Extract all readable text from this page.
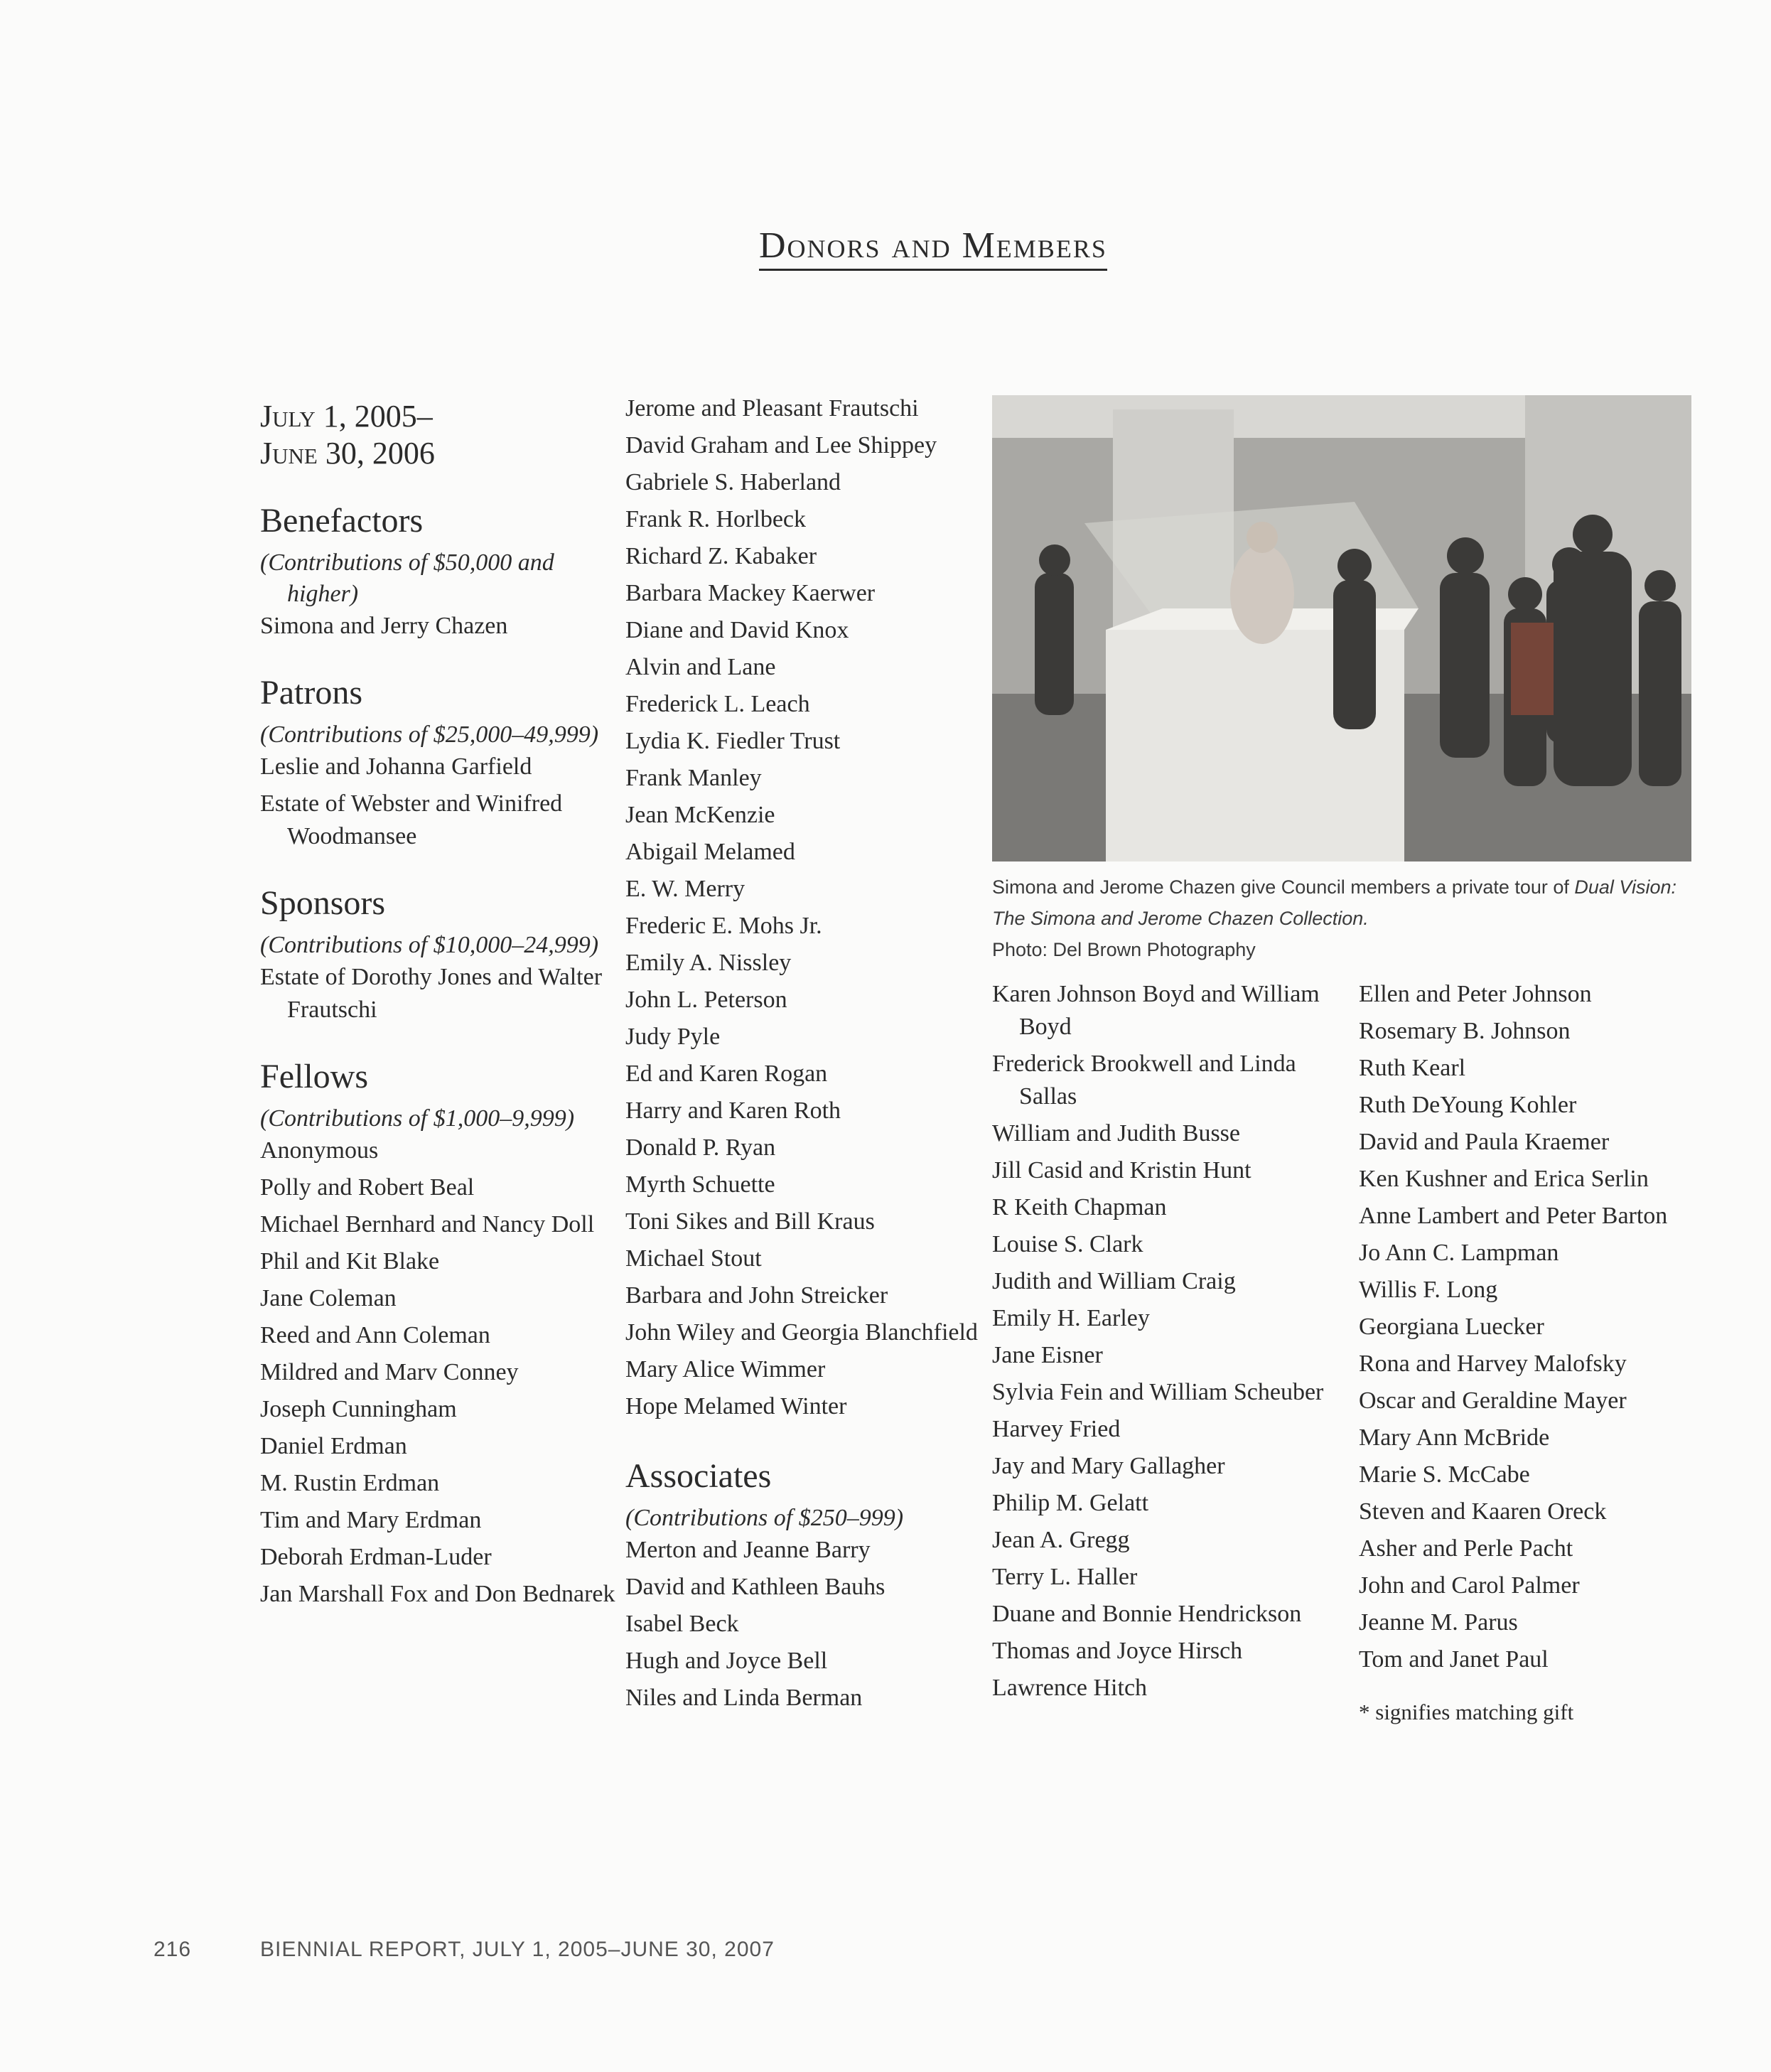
Donors and Members

July 1, 2005–

June 30, 2006

Benefactors

(Contributions of $50,000 and higher)
Simona and Jerry Chazen

Patrons

(Contributions of $25,000–49,999)
Leslie and Johanna Garfield
Estate of Webster and Winifred Woodmansee

Sponsors

(Contributions of $10,000–24,999)
Estate of Dorothy Jones and Walter Frautschi

Fellows

(Contributions of $1,000–9,999)
Anonymous
Polly and Robert Beal
Michael Bernhard and Nancy Doll
Phil and Kit Blake
Jane Coleman
Reed and Ann Coleman
Mildred and Marv Conney
Joseph Cunningham
Daniel Erdman
M. Rustin Erdman
Tim and Mary Erdman
Deborah Erdman-Luder
Jan Marshall Fox and Don Bednarek
Jerome and Pleasant Frautschi
David Graham and Lee Shippey
Gabriele S. Haberland
Frank R. Horlbeck
Richard Z. Kabaker
Barbara Mackey Kaerwer
Diane and David Knox
Alvin and Lane
Frederick L. Leach
Lydia K. Fiedler Trust
Frank Manley
Jean McKenzie
Abigail Melamed
E. W. Merry
Frederic E. Mohs Jr.
Emily A. Nissley
John L. Peterson
Judy Pyle
Ed and Karen Rogan
Harry and Karen Roth
Donald P. Ryan
Myrth Schuette
Toni Sikes and Bill Kraus
Michael Stout
Barbara and John Streicker
John Wiley and Georgia Blanchfield
Mary Alice Wimmer
Hope Melamed Winter

Associates

(Contributions of $250–999)
Merton and Jeanne Barry
David and Kathleen Bauhs
Isabel Beck
Hugh and Joyce Bell
Niles and Linda Berman
Simona and Jerome Chazen give Council members a private tour of Dual Vision: The Simona and Jerome Chazen Collection.
Photo: Del Brown Photography
Karen Johnson Boyd and William Boyd
Frederick Brookwell and Linda Sallas
William and Judith Busse
Jill Casid and Kristin Hunt
R Keith Chapman
Louise S. Clark
Judith and William Craig
Emily H. Earley
Jane Eisner
Sylvia Fein and William Scheuber
Harvey Fried
Jay and Mary Gallagher
Philip M. Gelatt
Jean A. Gregg
Terry L. Haller
Duane and Bonnie Hendrickson
Thomas and Joyce Hirsch
Lawrence Hitch
Ellen and Peter Johnson
Rosemary B. Johnson
Ruth Kearl
Ruth DeYoung Kohler
David and Paula Kraemer
Ken Kushner and Erica Serlin
Anne Lambert and Peter Barton
Jo Ann C. Lampman
Willis F. Long
Georgiana Luecker
Rona and Harvey Malofsky
Oscar and Geraldine Mayer
Mary Ann McBride
Marie S. McCabe
Steven and Kaaren Oreck
Asher and Perle Pacht
John and Carol Palmer
Jeanne M. Parus
Tom and Janet Paul
* signifies matching gift
216	BIENNIAL REPORT, JULY 1, 2005–JUNE 30, 2007
